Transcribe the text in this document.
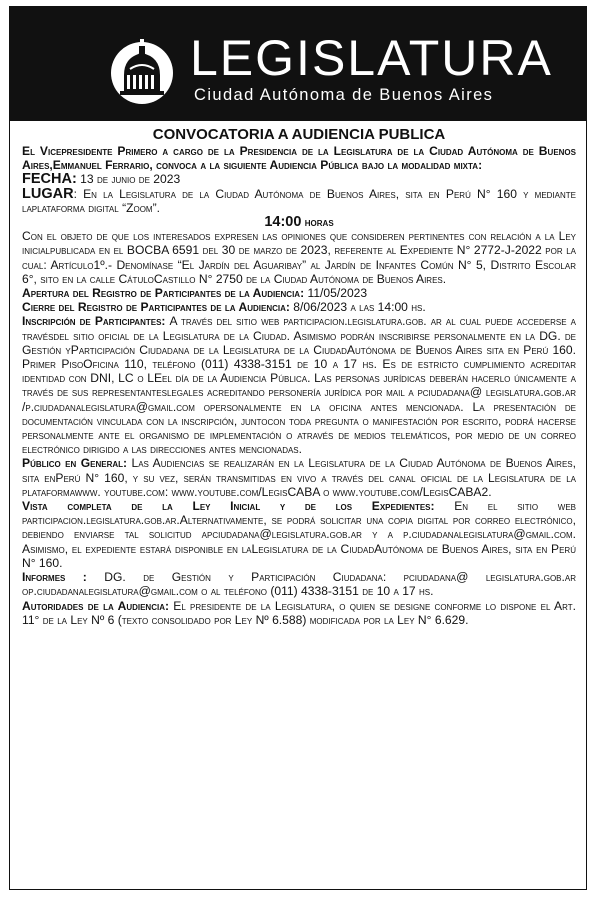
LEGISLATURA
Ciudad Autónoma de Buenos Aires
CONVOCATORIA A AUDIENCIA PUBLICA

El Vicepresidente Primero a cargo de la Presidencia de la Legislatura de la Ciudad Autónoma de Buenos Aires,Emmanuel Ferrario, convoca a la siguiente Audiencia Pública bajo la modalidad mixta:

FECHA: 13 de junio de 2023

LUGAR: En la Legislatura de la Ciudad Autónoma de Buenos Aires, sita en Perú N° 160 y mediante laplataforma digital “Zoom”.

14:00 horas

Con el objeto de que los interesados expresen las opiniones que consideren pertinentes con relación a la Ley inicialpublicada en el BOCBA 6591 del 30 de marzo de 2023, referente al Expediente N° 2772-J-2022 por la cual: Artículo1º.- Denomínase “El Jardín del Aguaribay” al Jardín de Infantes Común N° 5, Distrito Escolar 6°, sito en la calle CátuloCastillo N° 2750 de la Ciudad Autónoma de Buenos Aires.

Apertura del Registro de Participantes de la Audiencia: 11/05/2023

Cierre del Registro de Participantes de la Audiencia: 8/06/2023 a las 14:00 hs.

Inscripción de Participantes: A través del sitio web participacion.legislatura.gob. ar al cual puede accederse a travésdel sitio oficial de la Legislatura de la Ciudad. Asimismo podrán inscribirse personalmente en la DG. de Gestión yParticipación Ciudadana de la Legislatura de la CiudadAutónoma de Buenos Aires sita en Perú 160. Primer PisoOficina 110, teléfono (011) 4338-3151 de 10 a 17 hs. Es de estricto cumplimiento acreditar identidad con DNI, LC o LEel día de la Audiencia Pública. Las personas jurídicas deberán hacerlo únicamente a través de sus representanteslegales acreditando personería jurídica por mail a pciudadana@ legislatura.gob.ar /p.ciudadanalegislatura@gmail.com opersonalmente en la oficina antes mencionada. La presentación de documentación vinculada con la inscripción, juntocon toda pregunta o manifestación por escrito, podrá hacerse personalmente ante el organismo de implementación o através de medios telemáticos, por medio de un correo electrónico dirigido a las direcciones antes mencionadas.

Público en General: Las Audiencias se realizarán en la Legislatura de la Ciudad Autónoma de Buenos Aires, sita enPerú N° 160, y su vez, serán transmitidas en vivo a través del canal oficial de la Legislatura de la plataformawww. youtube.com: www.youtube.com/LegisCABA o www.youtube.com/LegisCABA2.

Vista completa de la Ley Inicial y de los Expedientes: En el sitio web participacion.legislatura.gob.ar.Alternativamente, se podrá solicitar una copia digital por correo electrónico, debiendo enviarse tal solicitud apciudadana@legislatura.gob.ar y a p.ciudadanalegislatura@gmail.com. Asimismo, el expediente estará disponible en laLegislatura de la CiudadAutónoma de Buenos Aires, sita en Perú N° 160.

Informes : DG. de Gestión y Participación Ciudadana: pciudadana@ legislatura.gob.ar op.ciudadanalegislatura@gmail.com o al teléfono (011) 4338-3151 de 10 a 17 hs.

Autoridades de la Audiencia: El presidente de la Legislatura, o quien se designe conforme lo dispone el Art. 11° de la Ley Nº 6 (texto consolidado por Ley Nº 6.588) modificada por la Ley N° 6.629.
